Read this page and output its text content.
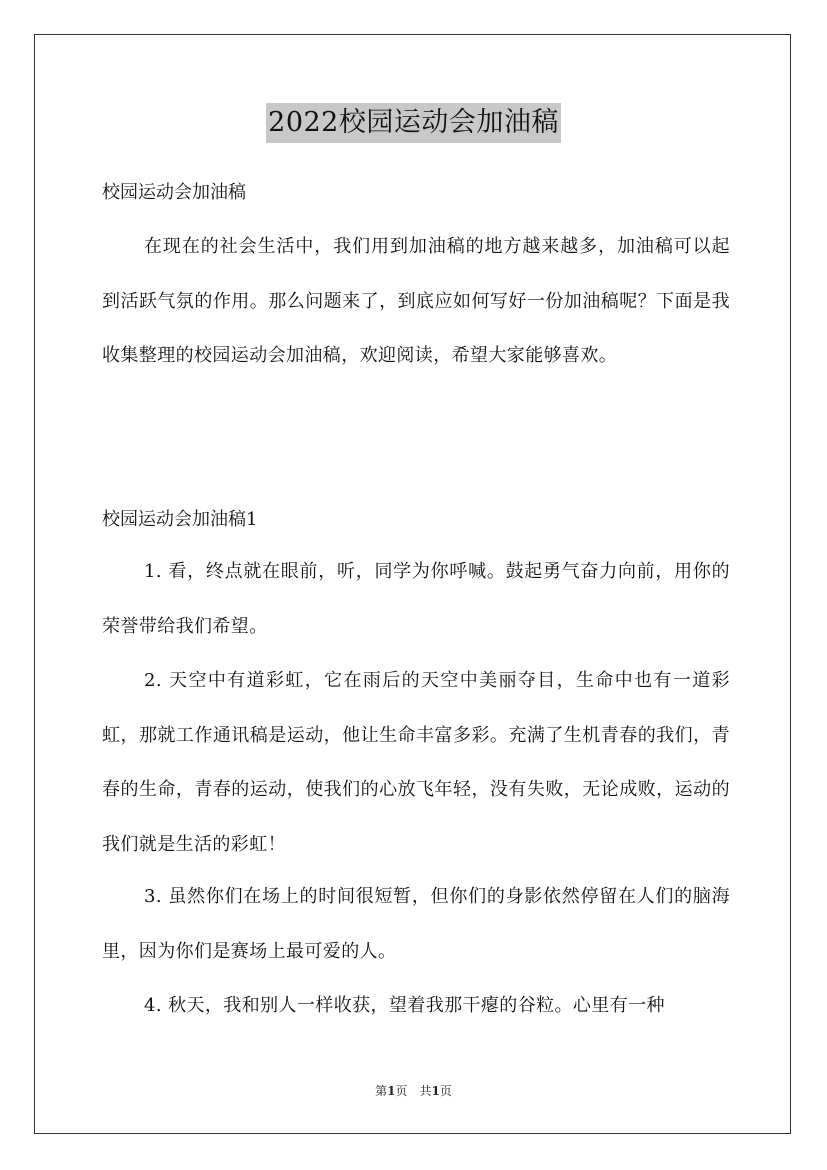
2022校园运动会加油稿

校园运动会加油稿

在现在的社会生活中，我们用到加油稿的地方越来越多，加油稿可以起到活跃气氛的作用。那么问题来了，到底应如何写好一份加油稿呢？下面是我收集整理的校园运动会加油稿，欢迎阅读，希望大家能够喜欢。

校园运动会加油稿1

1. 看，终点就在眼前，听，同学为你呼喊。鼓起勇气奋力向前，用你的荣誉带给我们希望。

2. 天空中有道彩虹，它在雨后的天空中美丽夺目，生命中也有一道彩虹，那就工作通讯稿是运动，他让生命丰富多彩。充满了生机青春的我们，青春的生命，青春的运动，使我们的心放飞年轻，没有失败，无论成败，运动的我们就是生活的彩虹！

3. 虽然你们在场上的时间很短暂，但你们的身影依然停留在人们的脑海里，因为你们是赛场上最可爱的人。

4. 秋天，我和别人一样收获，望着我那干瘪的谷粒。心里有一种

第1页　共1页
